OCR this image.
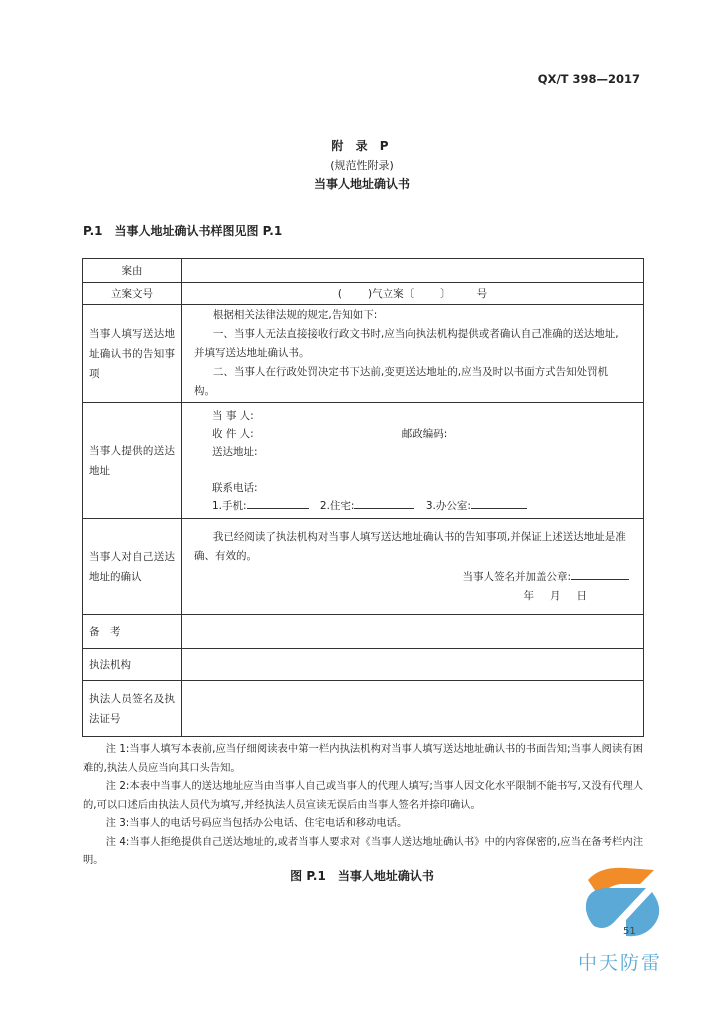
QX/T 398—2017
附 录 P
(规范性附录)
当事人地址确认书
P.1　当事人地址确认书样图见图 P.1
案由	
立案文号	( )气立案〔 〕 号
当事人填写送达地址确认书的告知事项	根据相关法律法规的规定,告知如下:
一、当事人无法直接接收行政文书时,应当向执法机构提供或者确认自己准确的送达地址,并填写送达地址确认书。
二、当事人在行政处罚决定书下达前,变更送达地址的,应当及时以书面方式告知处罚机构。

当事人提供的送达地址	当 事 人:
收 件 人: 邮政编码:
送达地址:
联系电话:
1.手机: 2.住宅: 3.办公室:

当事人对自己送达地址的确认	我已经阅读了执法机构对当事人填写送达地址确认书的告知事项,并保证上述送达地址是准确、有效的。
当事人签名并加盖公章:
年 月 日

备　考	
执法机构	
执法人员签名及执法证号	

注 1:当事人填写本表前,应当仔细阅读表中第一栏内执法机构对当事人填写送达地址确认书的书面告知;当事人阅读有困难的,执法人员应当向其口头告知。

注 2:本表中当事人的送达地址应当由当事人自己或当事人的代理人填写;当事人因文化水平限制不能书写,又没有代理人的,可以口述后由执法人员代为填写,并经执法人员宣读无误后由当事人签名并捺印确认。

注 3:当事人的电话号码应当包括办公电话、住宅电话和移动电话。

注 4:当事人拒绝提供自己送达地址的,或者当事人要求对《当事人送达地址确认书》中的内容保密的,应当在备考栏内注明。

图 P.1　当事人地址确认书
51
中天防雷
